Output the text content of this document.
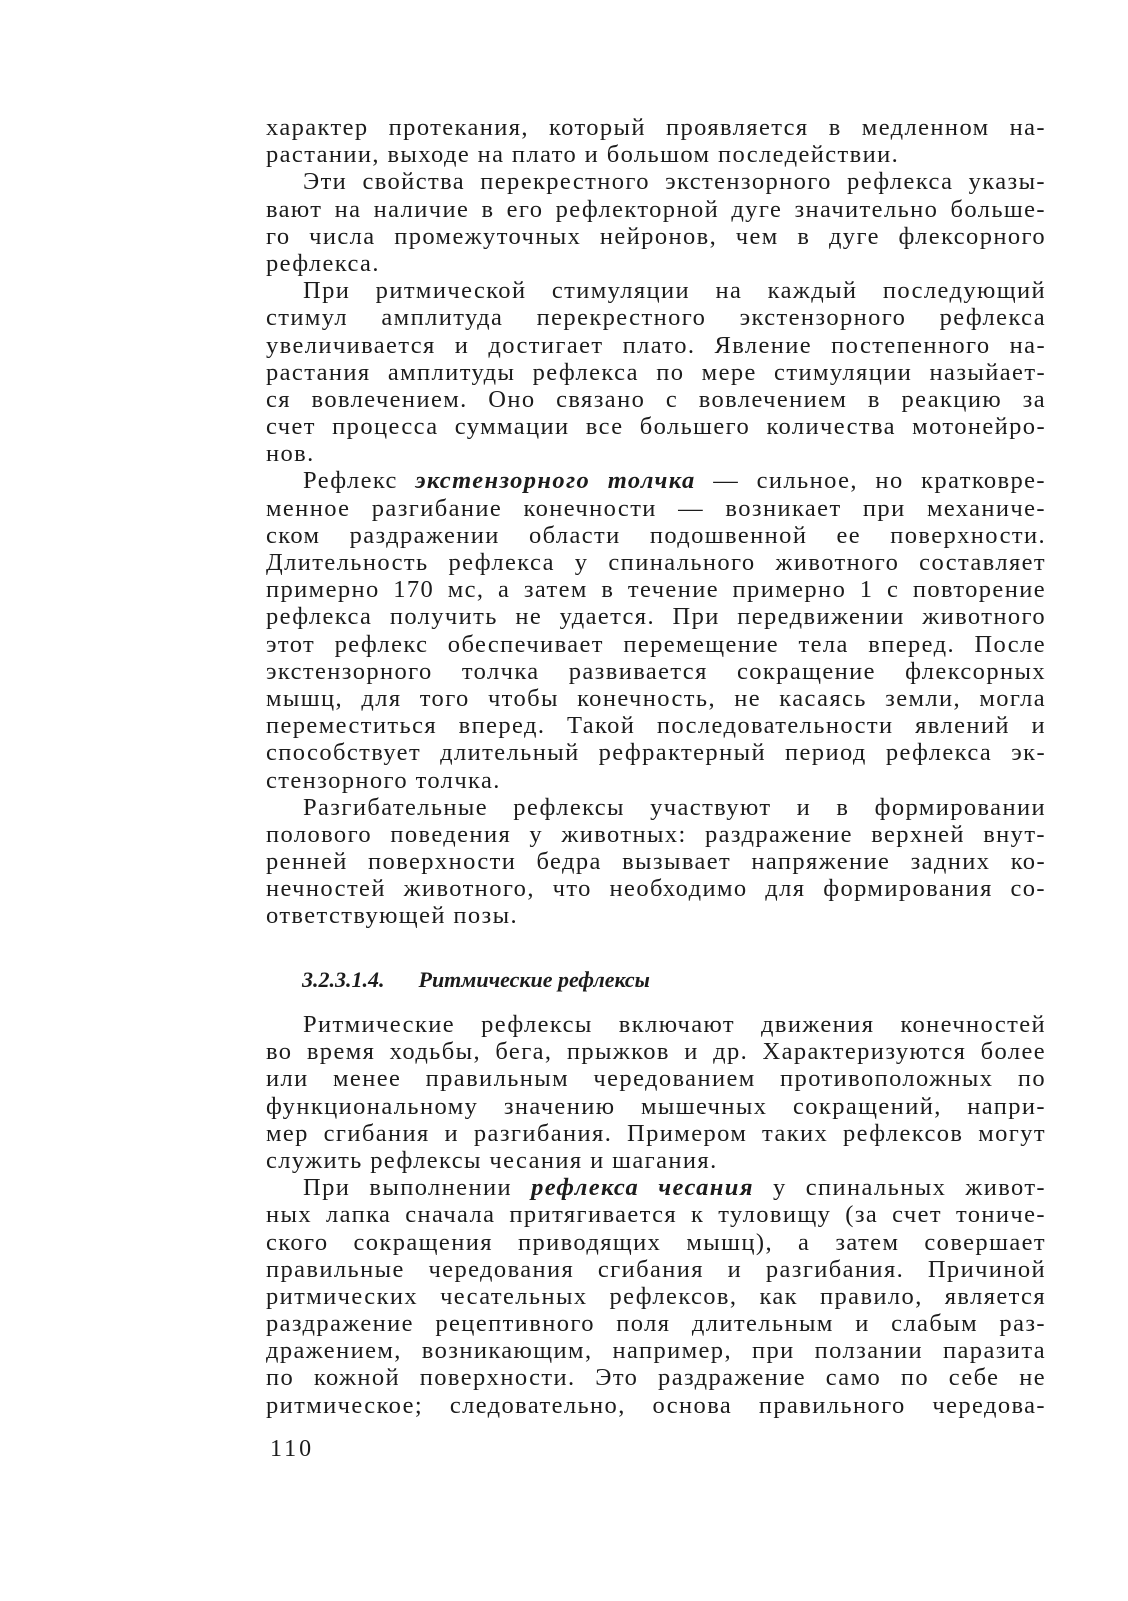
характер протекания, который проявляется в медленном на-
растании, выходе на плато и большом последействии.
Эти свойства перекрестного экстензорного рефлекса указы-
вают на наличие в его рефлекторной дуге значительно больше-
го числа промежуточных нейронов, чем в дуге флексорного
рефлекса.
При ритмической стимуляции на каждый последующий
стимул амплитуда перекрестного экстензорного рефлекса
увеличивается и достигает плато. Явление постепенного на-
растания амплитуды рефлекса по мере стимуляции назыйает-
ся вовлечением. Оно связано с вовлечением в реакцию за
счет процесса суммации все большего количества мотонейро-
нов.
Рефлекс экстензорного толчка — сильное, но кратковре-
менное разгибание конечности — возникает при механиче-
ском раздражении области подошвенной ее поверхности.
Длительность рефлекса у спинального животного составляет
примерно 170 мс, а затем в течение примерно 1 с повторение
рефлекса получить не удается. При передвижении животного
этот рефлекс обеспечивает перемещение тела вперед. После
экстензорного толчка развивается сокращение флексорных
мышц, для того чтобы конечность, не касаясь земли, могла
переместиться вперед. Такой последовательности явлений и
способствует длительный рефрактерный период рефлекса эк-
стензорного толчка.
Разгибательные рефлексы участвуют и в формировании
полового поведения у животных: раздражение верхней внут-
ренней поверхности бедра вызывает напряжение задних ко-
нечностей животного, что необходимо для формирования со-
ответствующей позы.
3.2.3.1.4. Ритмические рефлексы
Ритмические рефлексы включают движения конечностей
во время ходьбы, бега, прыжков и др. Характеризуются более
или менее правильным чередованием противоположных по
функциональному значению мышечных сокращений, напри-
мер сгибания и разгибания. Примером таких рефлексов могут
служить рефлексы чесания и шагания.
При выполнении рефлекса чесания у спинальных живот-
ных лапка сначала притягивается к туловищу (за счет тониче-
ского сокращения приводящих мышц), а затем совершает
правильные чередования сгибания и разгибания. Причиной
ритмических чесательных рефлексов, как правило, является
раздражение рецептивного поля длительным и слабым раз-
дражением, возникающим, например, при ползании паразита
по кожной поверхности. Это раздражение само по себе не
ритмическое; следовательно, основа правильного чередова-
110
